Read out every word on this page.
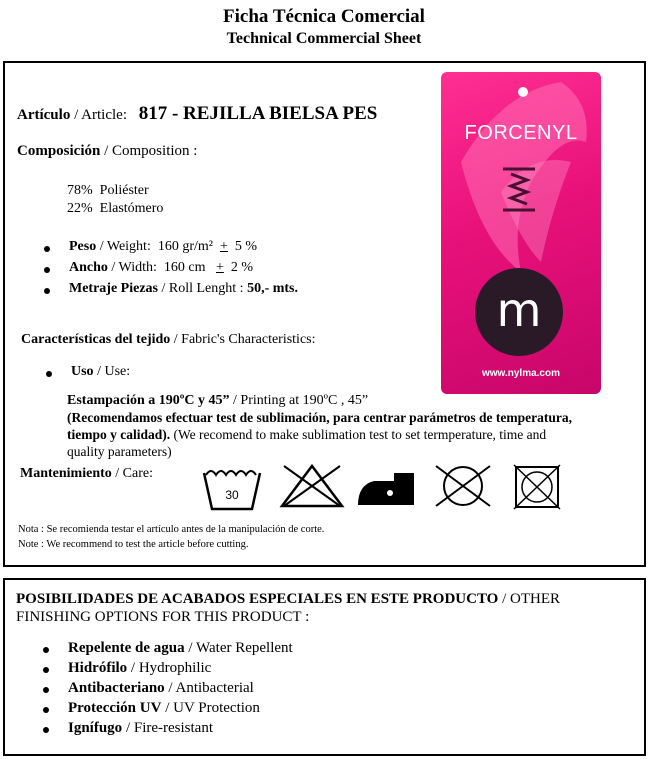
Ficha Técnica Comercial
Technical Commercial Sheet
Artículo / Article: 817 - REJILLA BIELSA PES
Composición / Composition :
78% Poliéster
22% Elastómero
Peso / Weight: 160 gr/m² + 5 %
Ancho / Width: 160 cm + 2 %
Metraje Piezas / Roll Lenght : 50,- mts.
Características del tejido / Fabric's Characteristics:
Uso / Use:
Estampación a 190ºC y 45” / Printing at 190ºC , 45”
(Recomendamos efectuar test de sublimación, para centrar parámetros de temperatura,
tiempo y calidad). (We recomend to make sublimation test to set termperature, time and
quality parameters)
Mantenimiento / Care:
30
Nota : Se recomienda testar el artículo antes de la manipulación de corte.
Note : We recommend to test the article before cutting.
m
FORCENYL
www.nylma.com
POSIBILIDADES DE ACABADOS ESPECIALES EN ESTE PRODUCTO / OTHER
FINISHING OPTIONS FOR THIS PRODUCT :
Repelente de agua / Water Repellent
Hidrófilo / Hydrophilic
Antibacteriano / Antibacterial
Protección UV / UV Protection
Ignífugo / Fire-resistant
